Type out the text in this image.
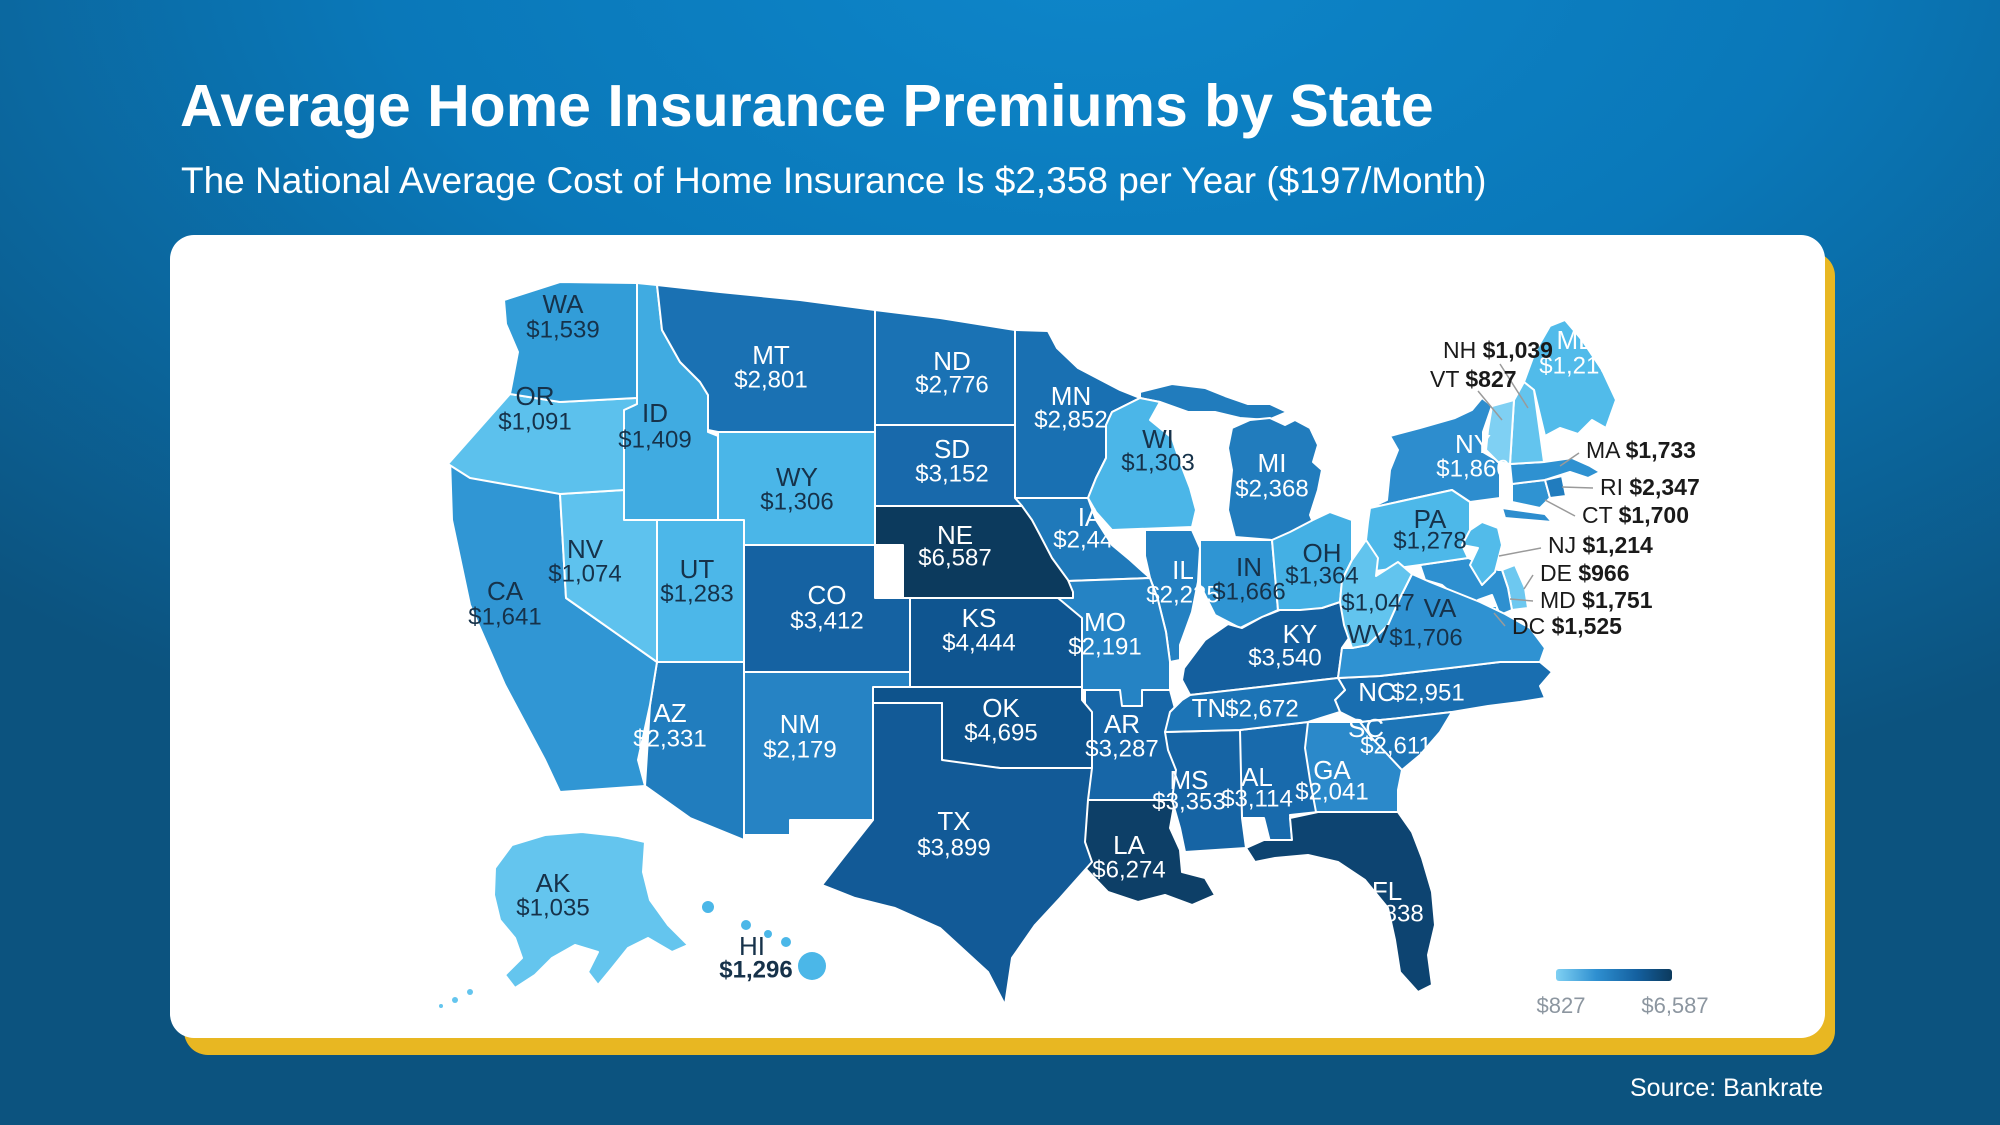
Average Home Insurance Premiums by State
The National Average Cost of Home Insurance Is $2,358 per Year ($197/Month)
AK
$1,035
AL
$3,114
AR
$3,287
AZ
$2,331
CA
$1,641
CO
$3,412
CT $1,700
DC $1,525
DE $966
FL
$5,838
GA
$2,041
HI
$1,296
IA
$2,446
ID
$1,409
IL
$2,225
IN
$1,666
KS
$4,444	KY
$3,540
LA
$6,274
MA $1,733
MD $1,751
ME
$1,219
MI
$2,368
MN
$2,852
MO
$2,191
MS
$3,353
MT
$2,801
NC
$2,951
ND
$2,776
NE
$6,587
NH $1,039
NJ $1,214
NM
$2,179
NV
$1,074
NY
$1,860
OH
$1,364
OK
$4,695
OR
$1,091
PA
$1,278
RI $2,347
SC
$2,611
SD
$3,152
TN
$2,672
TX
$3,899
UT
$1,283	VA
$1,706
VT $827
WA
$1,539
WI
$1,303
WV
$1,047
WY
$1,306
$827	$6,587
Source: Bankrate
